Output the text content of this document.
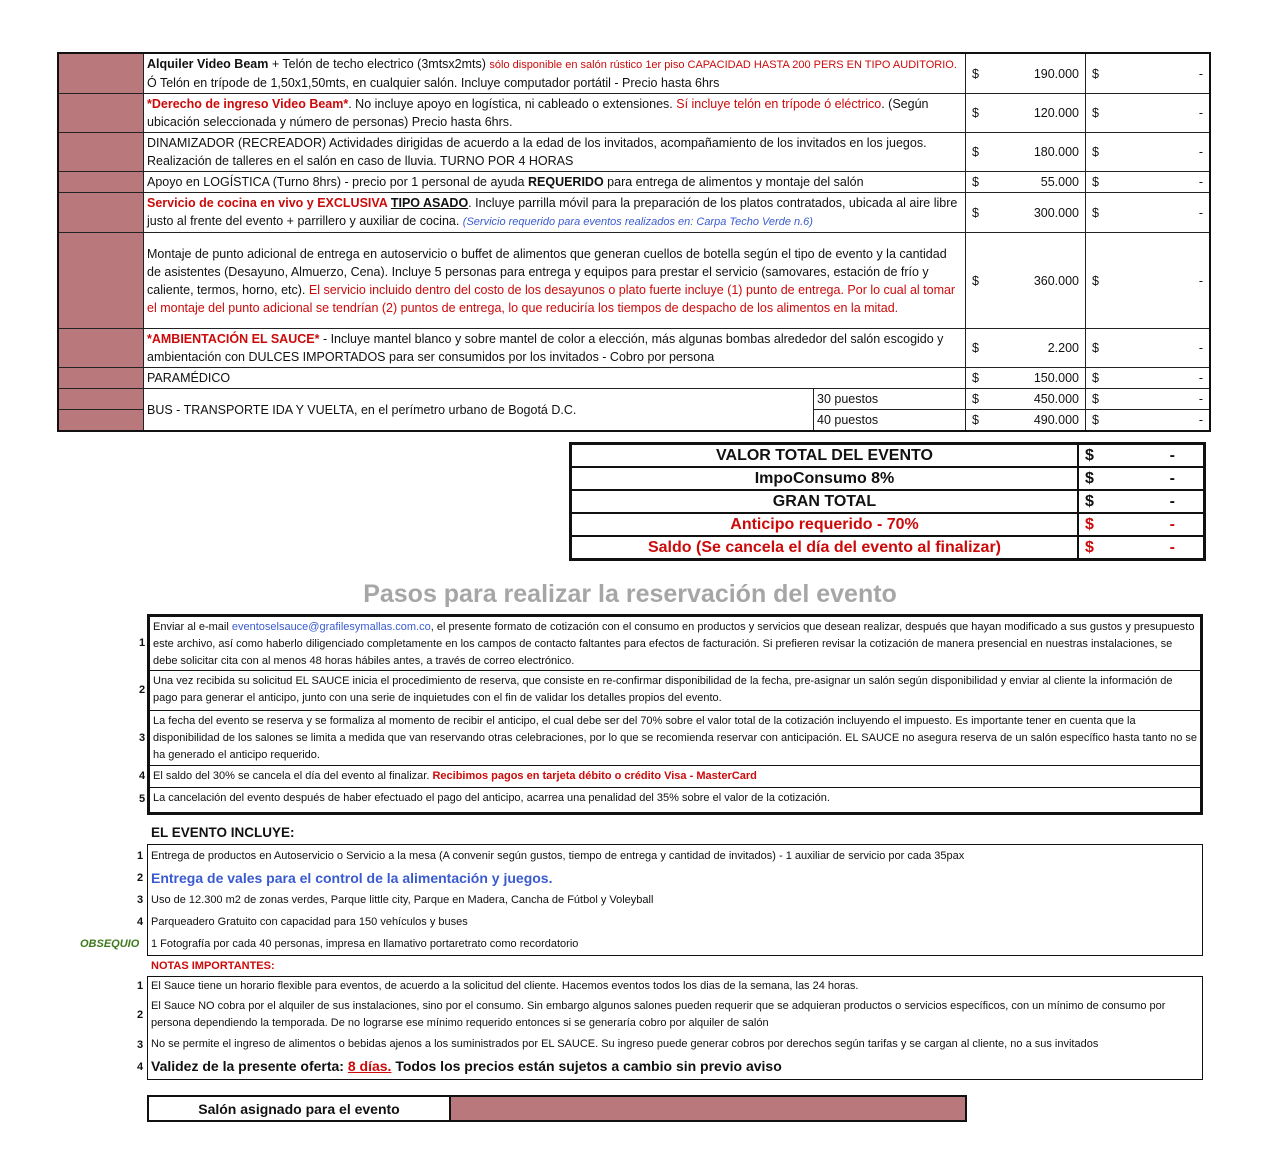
	Alquiler Video Beam + Telón de techo electrico (3mtsx2mts) sólo disponible en salón rústico 1er piso CAPACIDAD HASTA 200 PERS EN TIPO AUDITORIO. Ó Telón en trípode de 1,50x1,50mts, en cualquier salón. Incluye computador portátil - Precio hasta 6hrs		$ 190.000	$ -

	*Derecho de ingreso Video Beam*. No incluye apoyo en logística, ni cableado o extensiones. Sí incluye telón en trípode ó eléctrico. (Según ubicación seleccionada y número de personas) Precio hasta 6hrs.		$ 120.000	$ -

	DINAMIZADOR (RECREADOR) Actividades dirigidas de acuerdo a la edad de los invitados, acompañamiento de los invitados en los juegos. Realización de talleres en el salón en caso de lluvia. TURNO POR 4 HORAS		$ 180.000	$ -

	Apoyo en LOGÍSTICA (Turno 8hrs) - precio por 1 personal de ayuda REQUERIDO para entrega de alimentos y montaje del salón		$ 55.000	$ -

	Servicio de cocina en vivo y EXCLUSIVA TIPO ASADO. Incluye parrilla móvil para la preparación de los platos contratados, ubicada al aire libre justo al frente del evento + parrillero y auxiliar de cocina. (Servicio requerido para eventos realizados en: Carpa Techo Verde n.6)		$ 300.000	$ -

	Montaje de punto adicional de entrega en autoservicio o buffet de alimentos que generan cuellos de botella según el tipo de evento y la cantidad de asistentes (Desayuno, Almuerzo, Cena). Incluye 5 personas para entrega y equipos para prestar el servicio (samovares, estación de frío y caliente, termos, horno, etc). El servicio incluido dentro del costo de los desayunos o plato fuerte incluye (1) punto de entrega. Por lo cual al tomar el montaje del punto adicional se tendrían (2) puntos de entrega, lo que reduciría los tiempos de despacho de los alimentos en la mitad.		$ 360.000	$ -

	*AMBIENTACIÓN EL SAUCE* - Incluye mantel blanco y sobre mantel de color a elección, más algunas bombas alrededor del salón escogido y ambientación con DULCES IMPORTADOS para ser consumidos por los invitados - Cobro por persona		$ 2.200	$ -

	PARAMÉDICO		$ 150.000	$ -

	BUS - TRANSPORTE IDA Y VUELTA, en el perímetro urbano de Bogotá D.C.	30 puestos	$ 450.000	$ -

		40 puestos	$ 490.000	$ -
VALOR TOTAL DEL EVENTO	$ -

ImpoConsumo 8%	$ -

GRAN TOTAL	$ -

Anticipo requerido - 70%	$ -

Saldo (Se cancela el día del evento al finalizar)	$ -
Pasos para realizar la reservación del evento
1
Enviar al e-mail eventoselsauce@grafilesymallas.com.co, el presente formato de cotización con el consumo en productos y servicios que desean realizar, después que hayan modificado a sus gustos y presupuesto este archivo, así como haberlo diligenciado completamente en los campos de contacto faltantes para efectos de facturación. Si prefieren revisar la cotización de manera presencial en nuestras instalaciones, se debe solicitar cita con al menos 48 horas hábiles antes, a través de correo electrónico.
2
Una vez recibida su solicitud EL SAUCE inicia el procedimiento de reserva, que consiste en re-confirmar disponibilidad de la fecha, pre-asignar un salón según disponibilidad y enviar al cliente la información de pago para generar el anticipo, junto con una serie de inquietudes con el fin de validar los detalles propios del evento.
3
La fecha del evento se reserva y se formaliza al momento de recibir el anticipo, el cual debe ser del 70% sobre el valor total de la cotización incluyendo el impuesto. Es importante tener en cuenta que la disponibilidad de los salones se limita a medida que van reservando otras celebraciones, por lo que se recomienda reservar con anticipación. EL SAUCE no asegura reserva de un salón específico hasta tanto no se ha generado el anticipo requerido.
4 El saldo del 30% se cancela el día del evento al finalizar. Recibimos pagos en tarjeta débito o crédito Visa - MasterCard
5 La cancelación del evento después de haber efectuado el pago del anticipo, acarrea una penalidad del 35% sobre el valor de la cotización.
EL EVENTO INCLUYE:
1 Entrega de productos en Autoservicio o Servicio a la mesa (A convenir según gustos, tiempo de entrega y cantidad de invitados) - 1 auxiliar de servicio por cada 35pax
2 Entrega de vales para el control de la alimentación y juegos.
3 Uso de 12.300 m2 de zonas verdes, Parque little city, Parque en Madera, Cancha de Fútbol y Voleyball
4 Parqueadero Gratuito con capacidad para 150 vehículos y buses
OBSEQUIO 1 Fotografía por cada 40 personas, impresa en llamativo portaretrato como recordatorio
NOTAS IMPORTANTES:
1 El Sauce tiene un horario flexible para eventos, de acuerdo a la solicitud del cliente. Hacemos eventos todos los dias de la semana, las 24 horas.
2
El Sauce NO cobra por el alquiler de sus instalaciones, sino por el consumo. Sin embargo algunos salones pueden requerir que se adquieran productos o servicios específicos, con un mínimo de consumo por persona dependiendo la temporada. De no lograrse ese mínimo requerido entonces si se generaría cobro por alquiler de salón
3 No se permite el ingreso de alimentos o bebidas ajenos a los suministrados por EL SAUCE. Su ingreso puede generar cobros por derechos según tarifas y se cargan al cliente, no a sus invitados
4 Validez de la presente oferta: 8 días. Todos los precios están sujetos a cambio sin previo aviso
Salón asignado para el evento	
